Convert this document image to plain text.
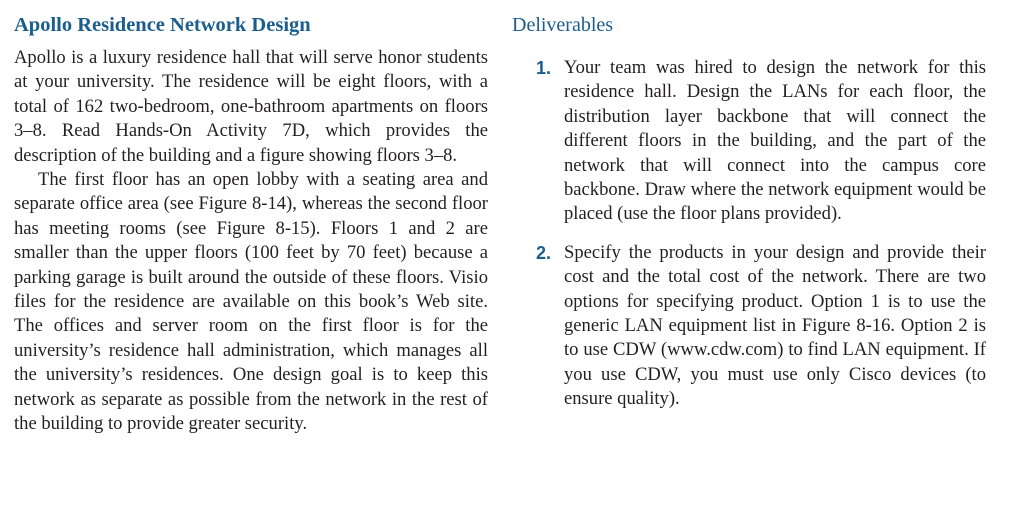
Apollo Residence Network Design

Apollo is a luxury residence hall that will serve honor students at your university. The residence will be eight floors, with a total of 162 two-bedroom, one-bathroom apartments on floors 3–8. Read Hands-On Activity 7D, which provides the description of the building and a figure showing floors 3–8.

The first floor has an open lobby with a seating area and separate office area (see Figure 8-14), whereas the second floor has meeting rooms (see Figure 8-15). Floors 1 and 2 are smaller than the upper floors (100 feet by 70 feet) because a parking garage is built around the outside of these floors. Visio files for the residence are available on this book’s Web site. The offices and server room on the first floor is for the university’s residence hall administration, which manages all the university’s residences. One design goal is to keep this network as separate as possible from the network in the rest of the building to provide greater security.

Deliverables
1. Your team was hired to design the network for this residence hall. Design the LANs for each floor, the distribution layer backbone that will connect the different floors in the building, and the part of the network that will connect into the campus core backbone. Draw where the network equipment would be placed (use the floor plans provided).

2. Specify the products in your design and provide their cost and the total cost of the network. There are two options for specifying product. Option 1 is to use the generic LAN equipment list in Figure 8-16. Option 2 is to use CDW (www.cdw.com) to find LAN equipment. If you use CDW, you must use only Cisco devices (to ensure quality).
